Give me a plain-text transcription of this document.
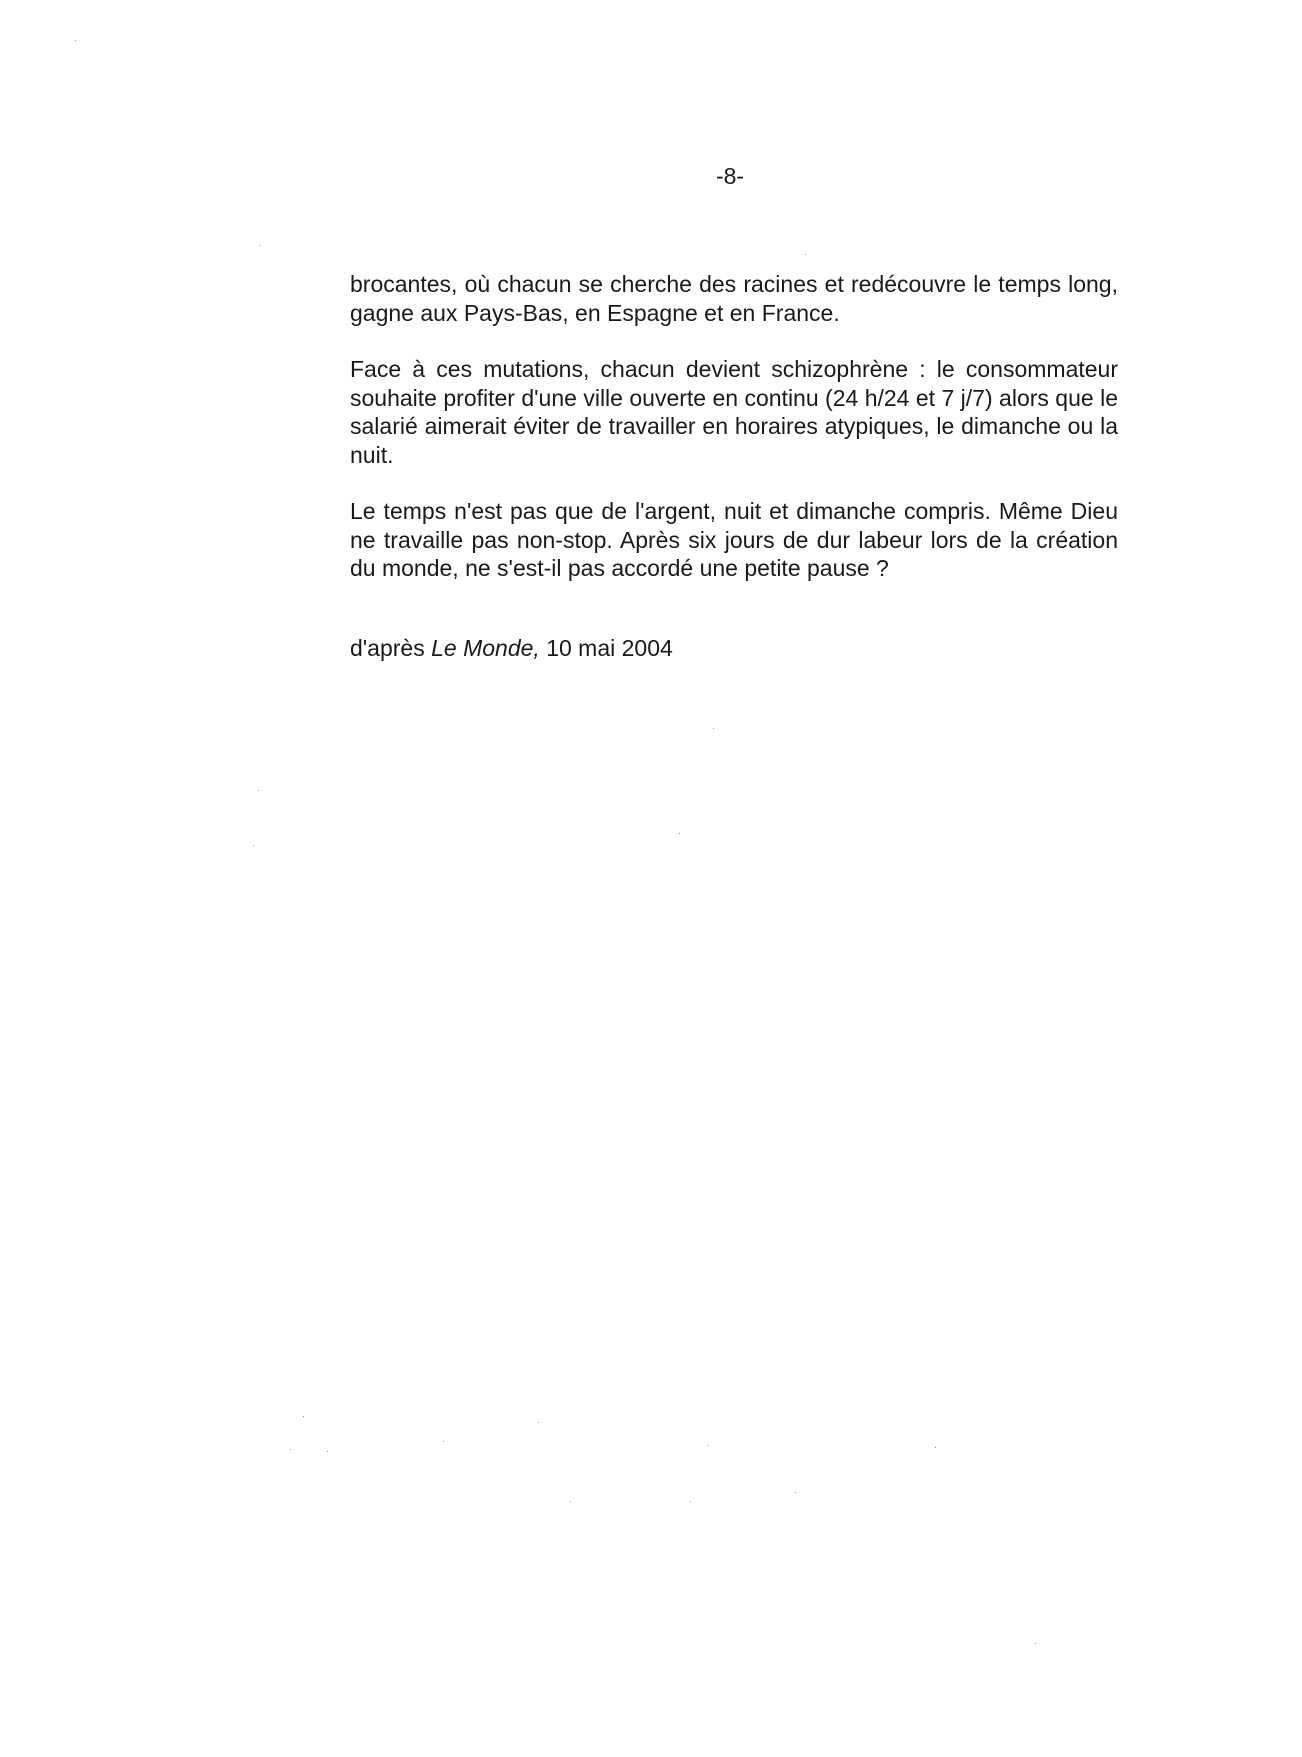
-8-

brocantes, où chacun se cherche des racines et redécouvre le temps long, gagne aux Pays-Bas, en Espagne et en France.

Face à ces mutations, chacun devient schizophrène : le consommateur souhaite profiter d'une ville ouverte en continu (24 h/24 et 7 j/7) alors que le salarié aimerait éviter de travailler en horaires atypiques, le dimanche ou la nuit.

Le temps n'est pas que de l'argent, nuit et dimanche compris. Même Dieu ne travaille pas non-stop. Après six jours de dur labeur lors de la création du monde, ne s'est-il pas accordé une petite pause ?

d'après Le Monde, 10 mai 2004
